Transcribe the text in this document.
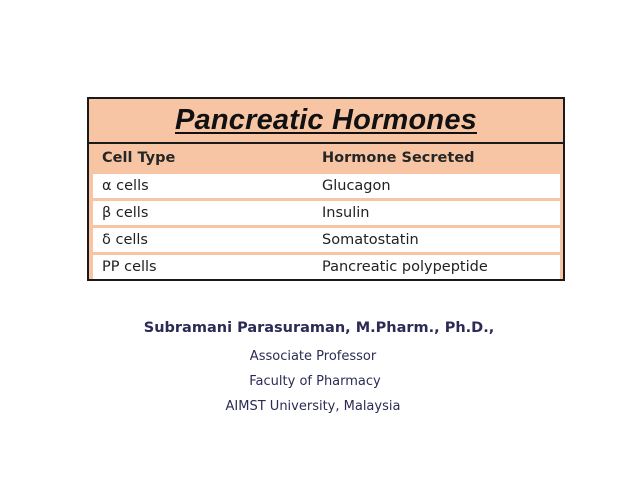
Pancreatic Hormones
Cell Type	Hormone Secreted
α cells	Glucagon
β cells	Insulin
δ cells	Somatostatin
PP cells	Pancreatic polypeptide
Subramani Parasuraman, M.Pharm., Ph.D.,
Associate Professor
Faculty of Pharmacy
AIMST University, Malaysia
